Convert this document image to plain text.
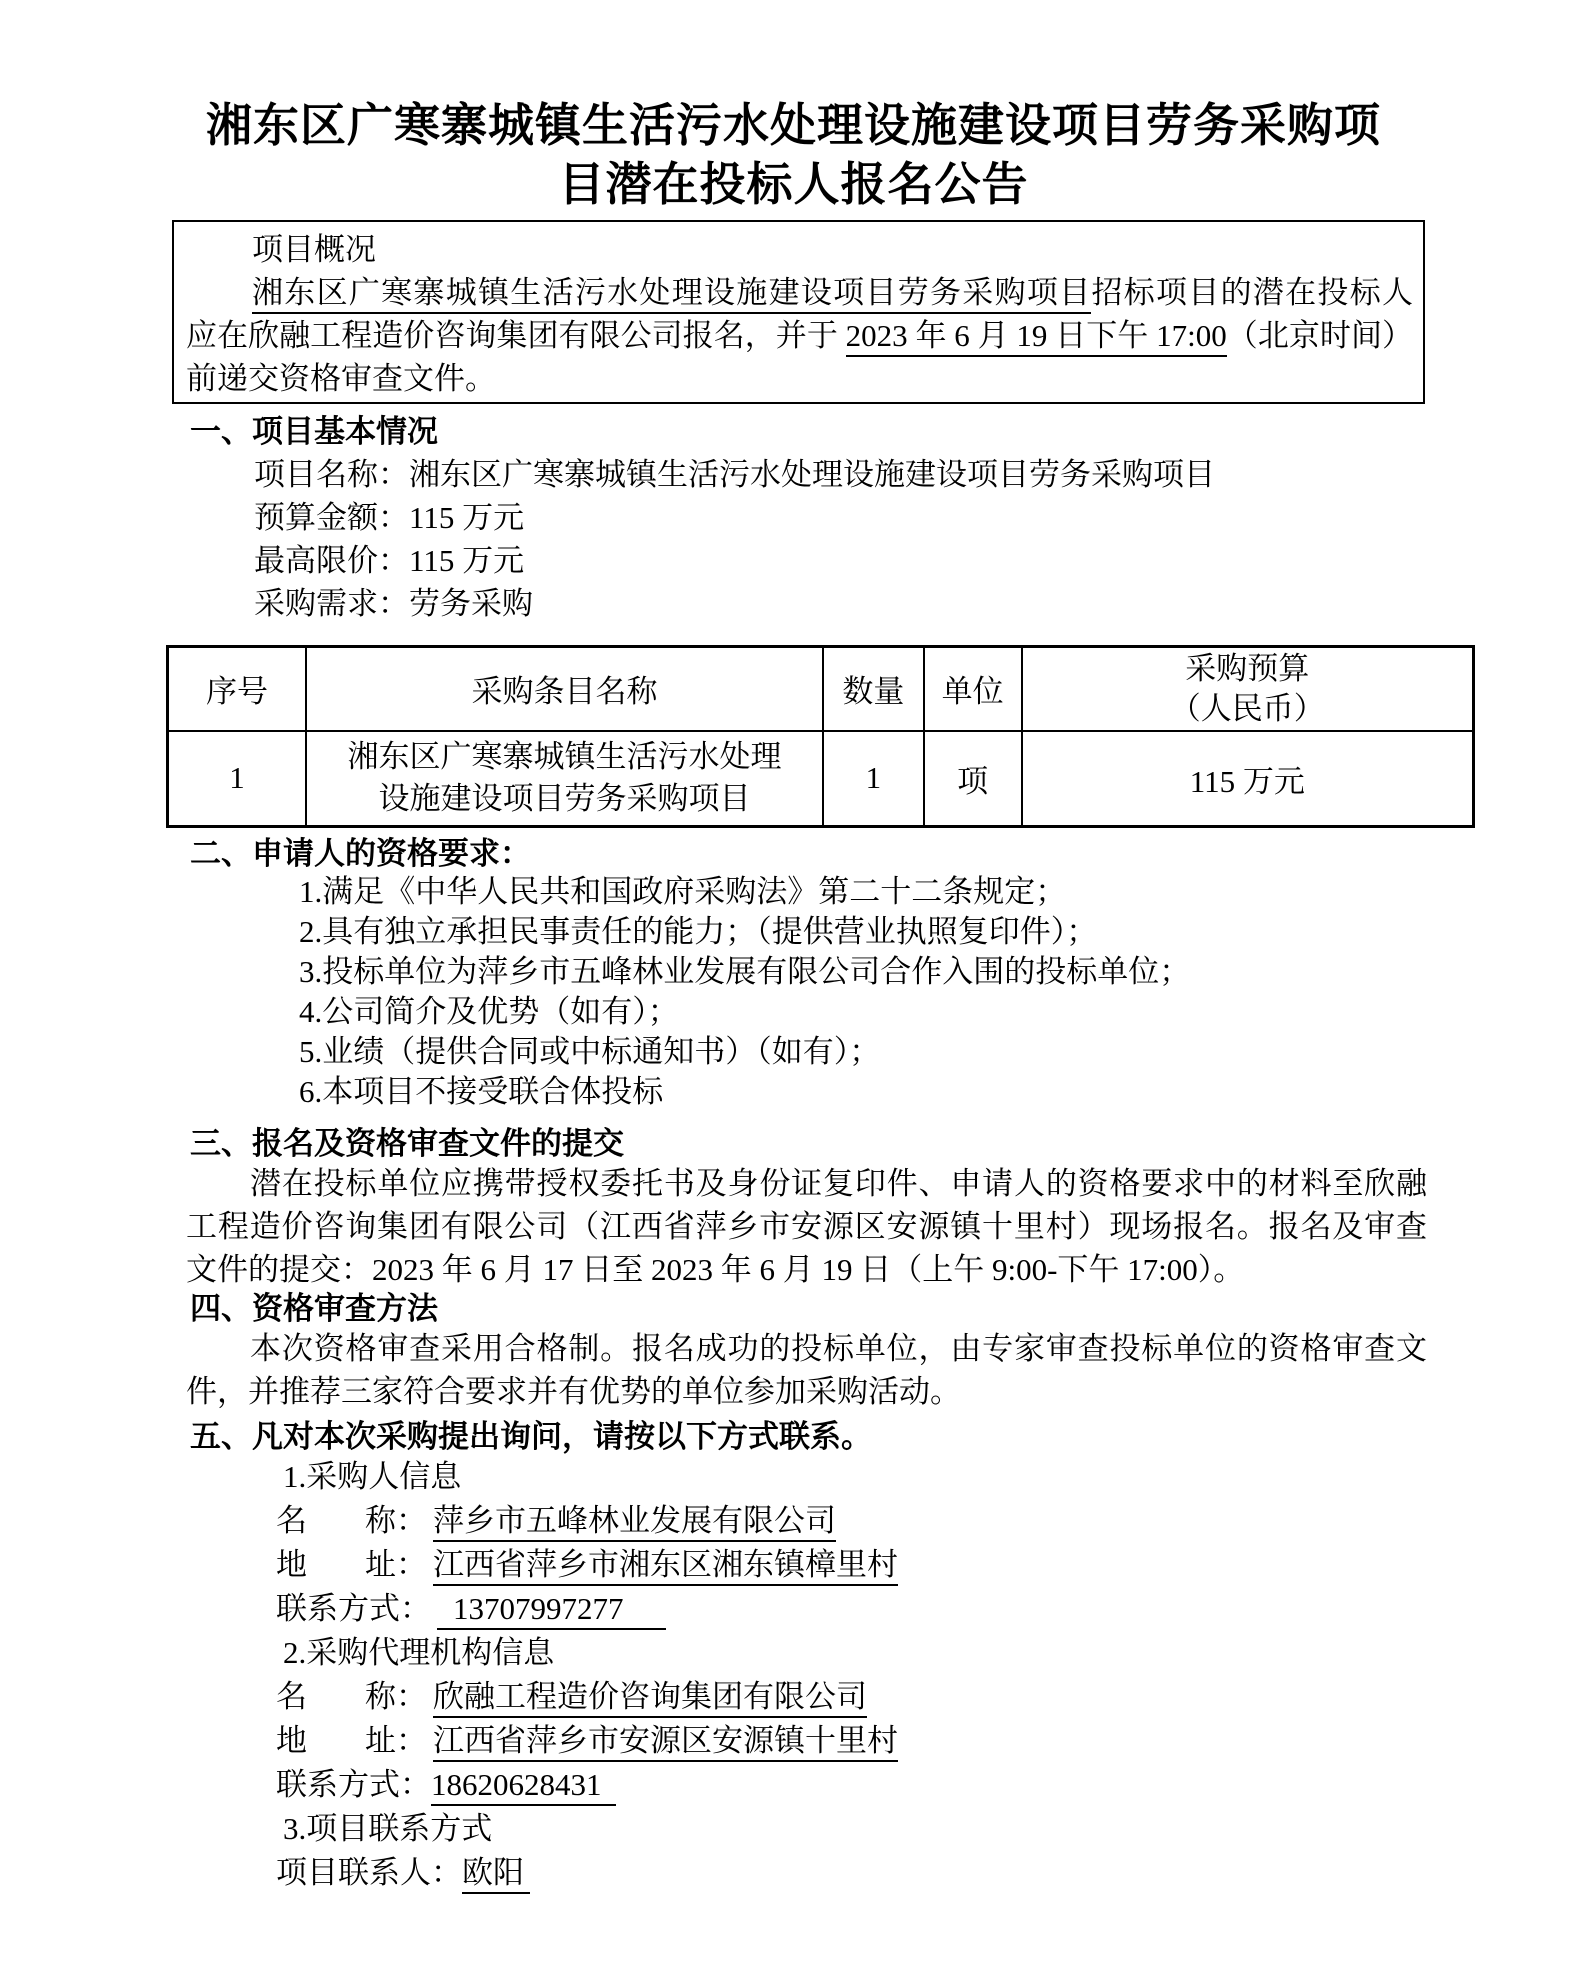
湘东区广寒寨城镇生活污水处理设施建设项目劳务采购项
目潜在投标人报名公告
项目概况
湘东区广寒寨城镇生活污水处理设施建设项目劳务采购项目招标项目的潜在投标人
应在欣融工程造价咨询集团有限公司报名，并于 2023 年 6 月 19 日下午 17:00（北京时间）
前递交资格审查文件。
一、项目基本情况
项目名称：湘东区广寒寨城镇生活污水处理设施建设项目劳务采购项目
预算金额：115 万元
最高限价：115 万元
采购需求：劳务采购
序号	采购条目名称	数量	单位	采购预算
（人民币）

1	湘东区广寒寨城镇生活污水处理
设施建设项目劳务采购项目	1	项	115 万元
二、申请人的资格要求：
1.满足《中华人民共和国政府采购法》第二十二条规定；
2.具有独立承担民事责任的能力；（提供营业执照复印件）；
3.投标单位为萍乡市五峰林业发展有限公司合作入围的投标单位；
4.公司简介及优势（如有）；
5.业绩（提供合同或中标通知书）（如有）；
6.本项目不接受联合体投标
三、报名及资格审查文件的提交
潜在投标单位应携带授权委托书及身份证复印件、申请人的资格要求中的材料至欣融
工程造价咨询集团有限公司（江西省萍乡市安源区安源镇十里村）现场报名。报名及审查
文件的提交：2023 年 6 月 17 日至 2023 年 6 月 19 日（上午 9:00-下午 17:00）。
四、资格审查方法
本次资格审查采用合格制。报名成功的投标单位，由专家审查投标单位的资格审查文
件，并推荐三家符合要求并有优势的单位参加采购活动。
五、凡对本次采购提出询问，请按以下方式联系。
1.采购人信息
名 称： 萍乡市五峰林业发展有限公司
地 址： 江西省萍乡市湘东区湘东镇樟里村
联系方式： 13707997277
2.采购代理机构信息
名 称： 欣融工程造价咨询集团有限公司
地 址： 江西省萍乡市安源区安源镇十里村
联系方式：18620628431
3.项目联系方式
项目联系人：欧阳
